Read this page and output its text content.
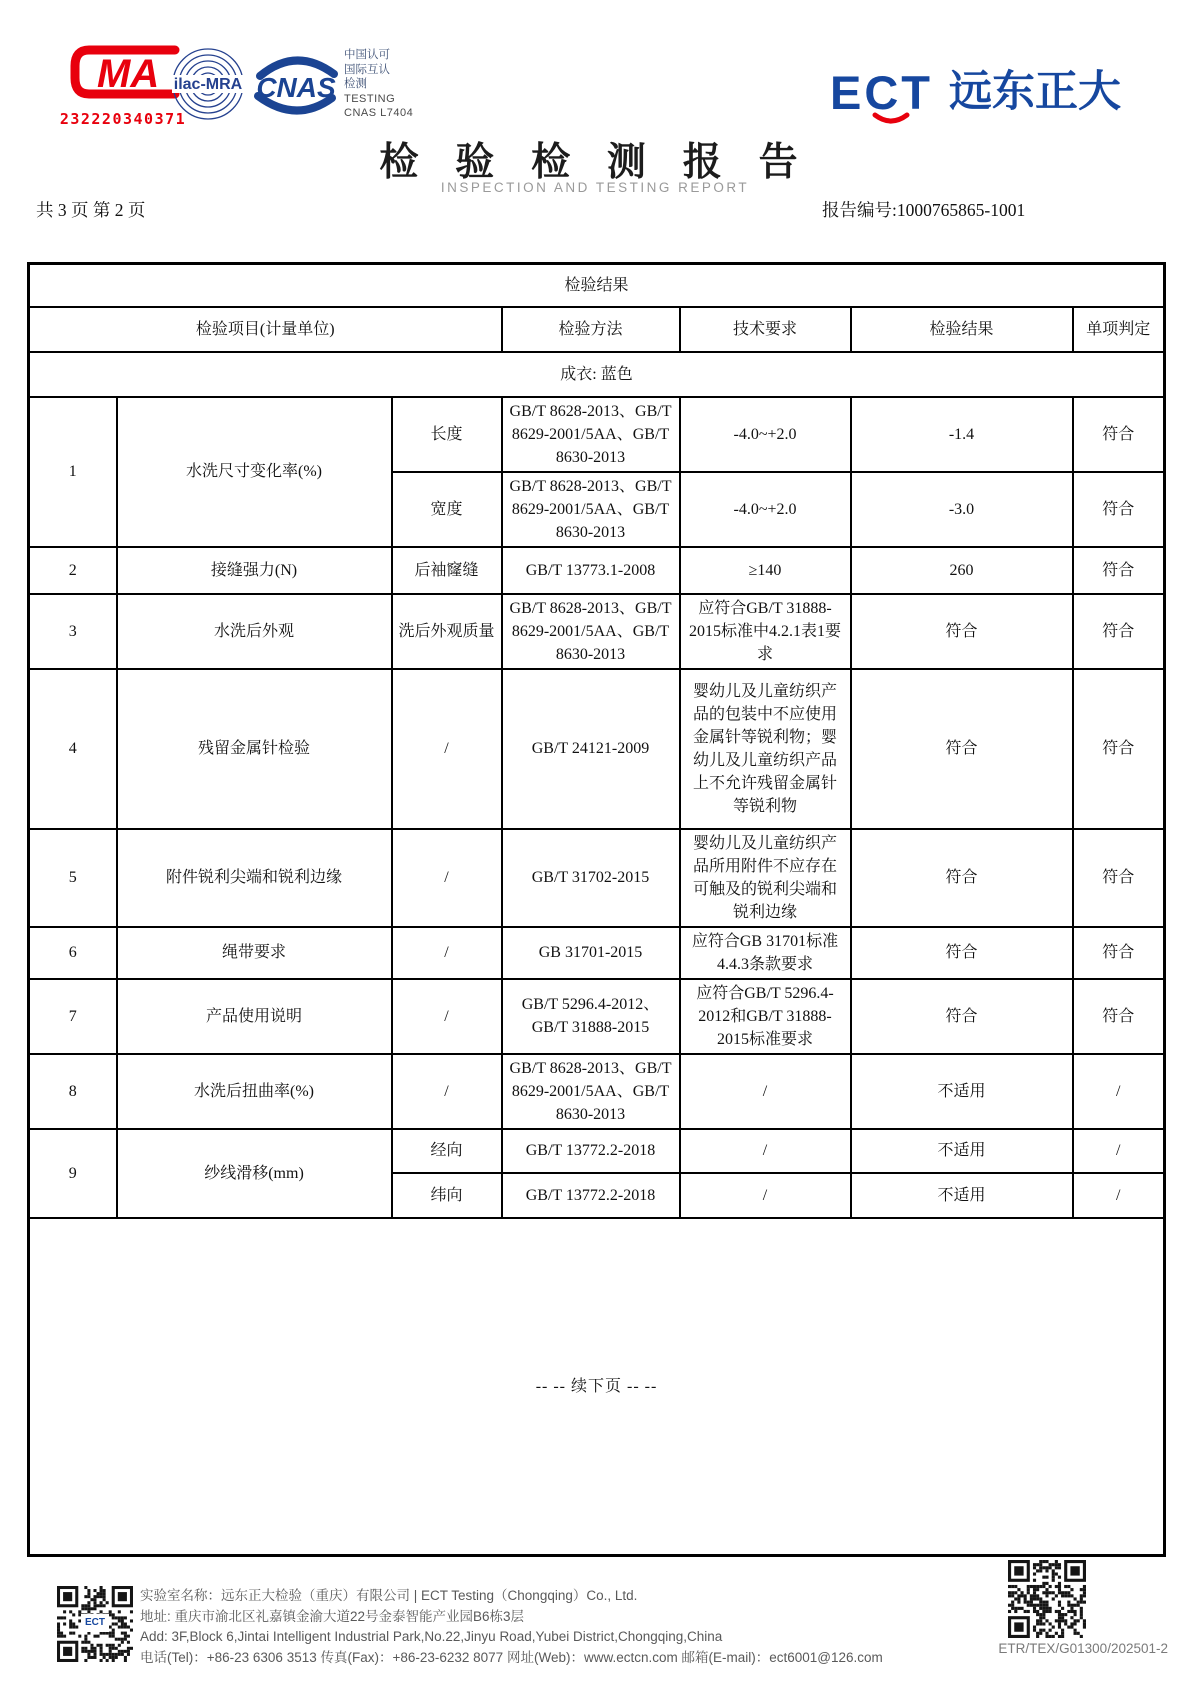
MA
232220340371
ilac-MRA CNAS
中国认可
国际互认
检测
TESTING
CNAS L7404	ECT 远东正大
检 验 检 测 报 告
INSPECTION AND TESTING REPORT
共 3 页 第 2 页	报告编号:1000765865-1001
检验结果						
检验项目(计量单位)			检验方法	技术要求	检验结果	单项判定
成衣: 蓝色						
1	水洗尺寸变化率(%)	长度	GB/T 8628-2013、GB/T 8629-2001/5AA、GB/T 8630-2013	-4.0~+2.0	-1.4	符合
		宽度	GB/T 8628-2013、GB/T 8629-2001/5AA、GB/T 8630-2013	-4.0~+2.0	-3.0	符合
2	接缝强力(N)	后袖窿缝	GB/T 13773.1-2008	≥140	260	符合
3	水洗后外观	洗后外观质量	GB/T 8628-2013、GB/T 8629-2001/5AA、GB/T 8630-2013	应符合GB/T 31888-2015标准中4.2.1表1要求	符合	符合
4	残留金属针检验	/	GB/T 24121-2009	婴幼儿及儿童纺织产品的包装中不应使用金属针等锐利物；婴幼儿及儿童纺织产品上不允许残留金属针等锐利物	符合	符合
5	附件锐利尖端和锐利边缘	/	GB/T 31702-2015	婴幼儿及儿童纺织产品所用附件不应存在可触及的锐利尖端和锐利边缘	符合	符合
6	绳带要求	/	GB 31701-2015	应符合GB 31701标准4.4.3条款要求	符合	符合
7	产品使用说明	/	GB/T 5296.4-2012、GB/T 31888-2015	应符合GB/T 5296.4-2012和GB/T 31888-2015标准要求	符合	符合
8	水洗后扭曲率(%)	/	GB/T 8628-2013、GB/T 8629-2001/5AA、GB/T 8630-2013	/	不适用	/
9	纱线滑移(mm)	经向	GB/T 13772.2-2018	/	不适用	/
		纬向	GB/T 13772.2-2018	/	不适用	/
-- -- 续下页 -- --						
ECT
实验室名称：远东正大检验（重庆）有限公司 | ECT Testing（Chongqing）Co., Ltd.
地址: 重庆市渝北区礼嘉镇金渝大道22号金泰智能产业园B6栋3层
Add: 3F,Block 6,Jintai Intelligent Industrial Park,No.22,Jinyu Road,Yubei District,Chongqing,China
电话(Tel)：+86-23 6306 3513 传真(Fax)：+86-23-6232 8077 网址(Web)：www.ectcn.com 邮箱(E-mail)：ect6001@126.com
ETR/TEX/G01300/202501-2
